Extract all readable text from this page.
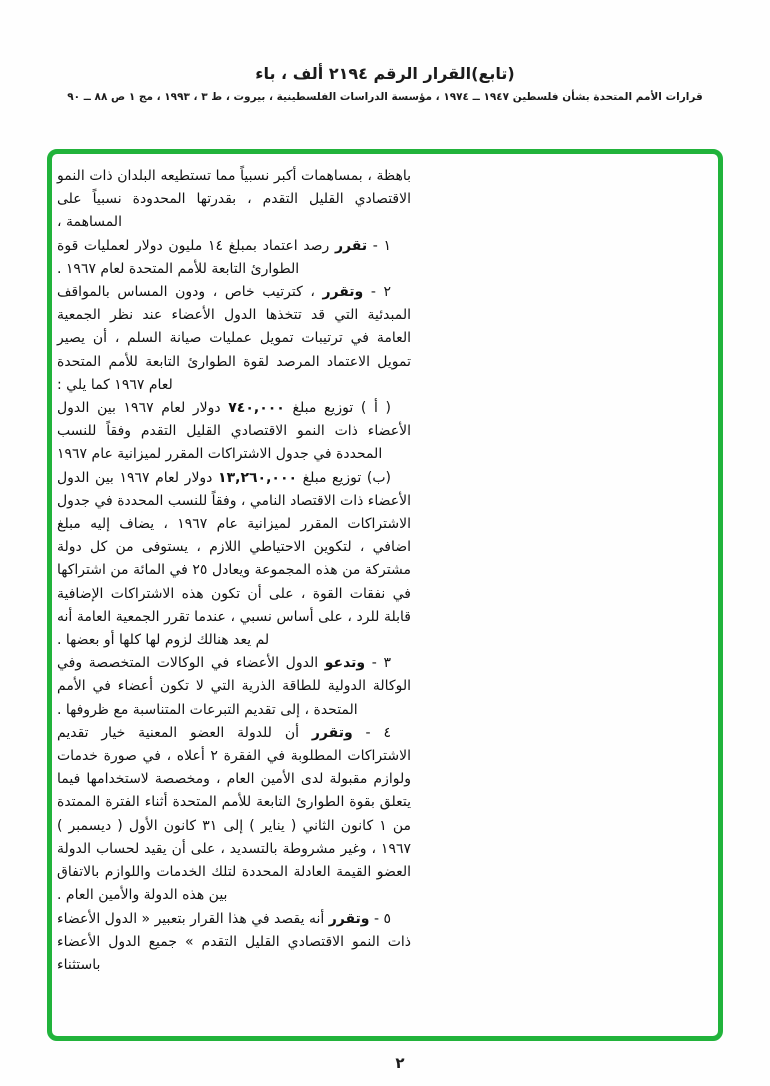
(تابع)القرار الرقم ٢١٩٤ ألف ، باء
قرارات الأمم المتحدة بشأن فلسطين ١٩٤٧ ــ ١٩٧٤ ، مؤسسة الدراسات الفلسطينية ، بيروت ، ط ٣ ، ١٩٩٣ ، مج ١ ص ٨٨ ــ ٩٠
باهظة ، بمساهمات أكبر نسبياً مما تستطيعه البلدان ذات النمو الاقتصادي القليل التقدم ، بقدرتها المحدودة نسبياً على المساهمة ،
١ - تقرر رصد اعتماد بمبلغ ١٤ مليون دولار لعمليات قوة الطوارئ التابعة للأمم المتحدة لعام ١٩٦٧ .
٢ - وتقرر ، كترتيب خاص ، ودون المساس بالمواقف المبدئية التي قد تتخذها الدول الأعضاء عند نظر الجمعية العامة في ترتيبات تمويل عمليات صيانة السلم ، أن يصير تمويل الاعتماد المرصد لقوة الطوارئ التابعة للأمم المتحدة لعام ١٩٦٧ كما يلي :
( أ ) توزيع مبلغ ٧٤٠,٠٠٠ دولار لعام ١٩٦٧ بين الدول الأعضاء ذات النمو الاقتصادي القليل التقدم وفقاً للنسب المحددة في جدول الاشتراكات المقرر لميزانية عام ١٩٦٧
(ب) توزيع مبلغ ١٣,٢٦٠,٠٠٠ دولار لعام ١٩٦٧ بين الدول الأعضاء ذات الاقتصاد النامي ، وفقاً للنسب المحددة في جدول الاشتراكات المقرر لميزانية عام ١٩٦٧ ، يضاف إليه مبلغ اضافي ، لتكوين الاحتياطي اللازم ، يستوفى من كل دولة مشتركة من هذه المجموعة ويعادل ٢٥ في المائة من اشتراكها في نفقات القوة ، على أن تكون هذه الاشتراكات الإضافية قابلة للرد ، على أساس نسبي ، عندما تقرر الجمعية العامة أنه لم يعد هنالك لزوم لها كلها أو بعضها .
٣ - وتدعو الدول الأعضاء في الوكالات المتخصصة وفي الوكالة الدولية للطاقة الذرية التي لا تكون أعضاء في الأمم المتحدة ، إلى تقديم التبرعات المتناسبة مع ظروفها .
٤ - وتقرر أن للدولة العضو المعنية خيار تقديم الاشتراكات المطلوبة في الفقرة ٢ أعلاه ، في صورة خدمات ولوازم مقبولة لدى الأمين العام ، ومخصصة لاستخدامها فيما يتعلق بقوة الطوارئ التابعة للأمم المتحدة أثناء الفترة الممتدة من ١ كانون الثاني ( يناير ) إلى ٣١ كانون الأول ( ديسمبر ) ١٩٦٧ ، وغير مشروطة بالتسديد ، على أن يقيد لحساب الدولة العضو القيمة العادلة المحددة لتلك الخدمات واللوازم بالاتفاق بين هذه الدولة والأمين العام .
٥ - وتقرر أنه يقصد في هذا القرار بتعبير « الدول الأعضاء ذات النمو الاقتصادي القليل التقدم » جميع الدول الأعضاء باستثناء
٢
